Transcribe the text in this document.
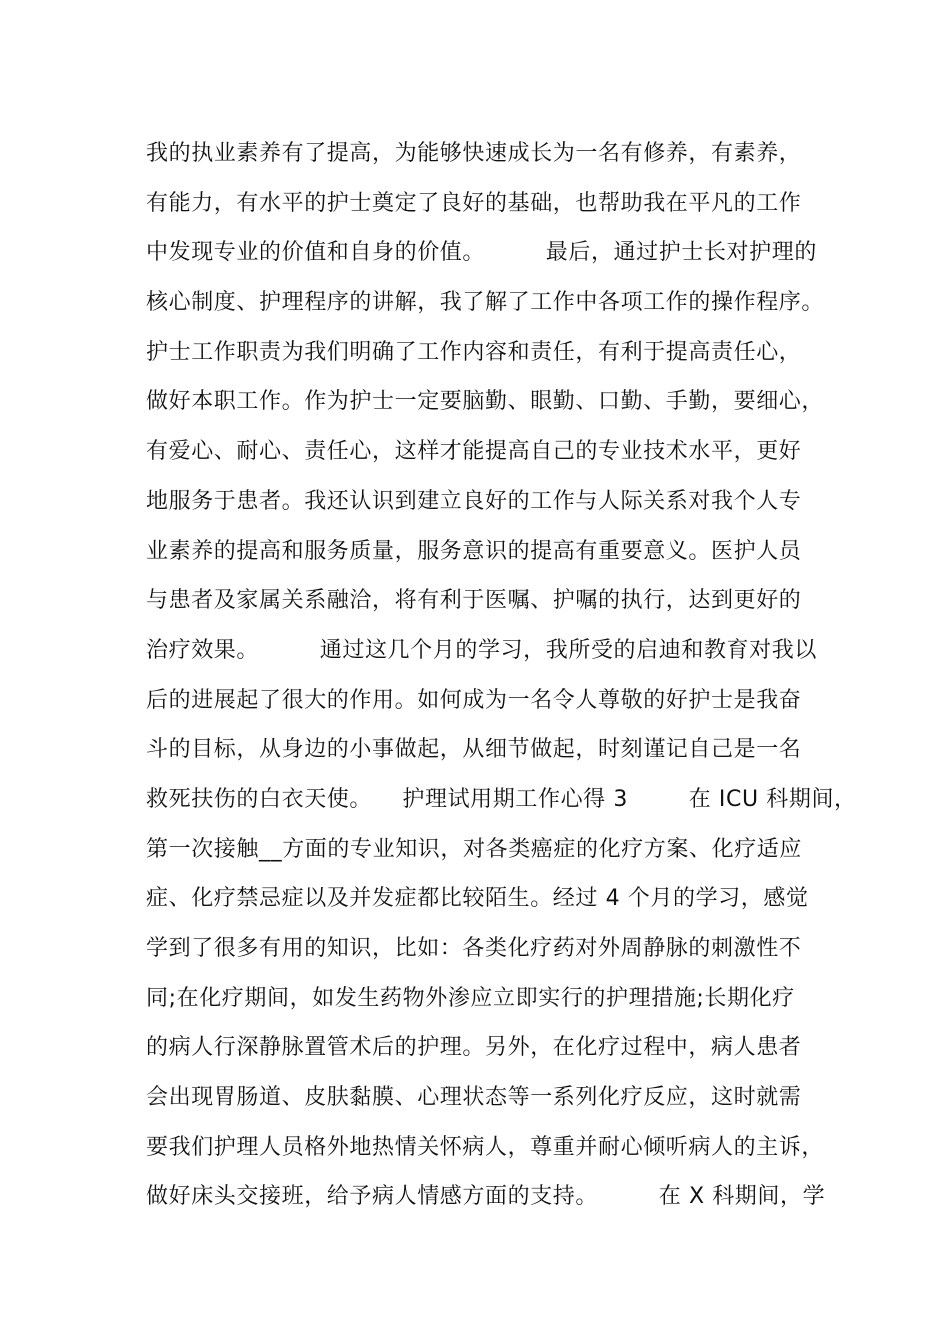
我的执业素养有了提高，为能够快速成长为一名有修养，有素养，
有能力，有水平的护士奠定了良好的基础，也帮助我在平凡的工作
中发现专业的价值和自身的价值。        最后，通过护士长对护理的
核心制度、护理程序的讲解，我了解了工作中各项工作的操作程序。
护士工作职责为我们明确了工作内容和责任，有利于提高责任心，
做好本职工作。作为护士一定要脑勤、眼勤、口勤、手勤，要细心，
有爱心、耐心、责任心，这样才能提高自己的专业技术水平，更好
地服务于患者。我还认识到建立良好的工作与人际关系对我个人专
业素养的提高和服务质量，服务意识的提高有重要意义。医护人员
与患者及家属关系融洽，将有利于医嘱、护嘱的执行，达到更好的
治疗效果。        通过这几个月的学习，我所受的启迪和教育对我以
后的进展起了很大的作用。如何成为一名令人尊敬的好护士是我奋
斗的目标，从身边的小事做起，从细节做起，时刻谨记自己是一名
救死扶伤的白衣天使。    护理试用期工作心得 3        在 ICU 科期间，
第一次接触__方面的专业知识，对各类癌症的化疗方案、化疗适应
症、化疗禁忌症以及并发症都比较陌生。经过 4 个月的学习，感觉
学到了很多有用的知识，比如：各类化疗药对外周静脉的刺激性不
同;在化疗期间，如发生药物外渗应立即实行的护理措施;长期化疗
的病人行深静脉置管术后的护理。另外，在化疗过程中，病人患者
会出现胃肠道、皮肤黏膜、心理状态等一系列化疗反应，这时就需
要我们护理人员格外地热情关怀病人，尊重并耐心倾听病人的主诉，
做好床头交接班，给予病人情感方面的支持。        在 X 科期间，学
